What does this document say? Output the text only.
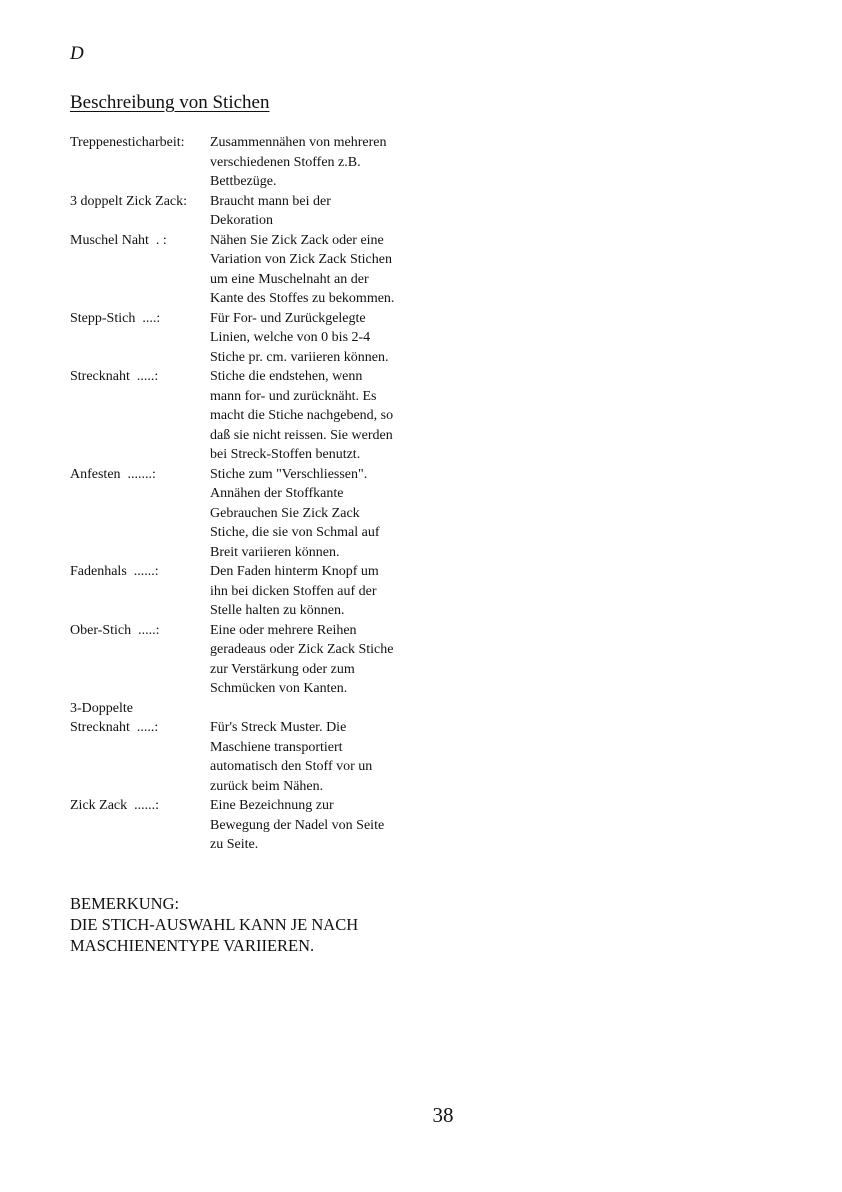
D
Beschreibung von Stichen
Treppenesticharbeit:	Zusammennähen von mehreren
verschiedenen Stoffen z.B.
Bettbezüge.
3 doppelt Zick Zack:	Braucht mann bei der
Dekoration
Muschel Naht  . :	Nähen Sie Zick Zack oder eine
Variation von Zick Zack Stichen
um eine Muschelnaht an der
Kante des Stoffes zu bekommen.
Stepp-Stich  ....:	Für For- und Zurückgelegte
Linien, welche von 0 bis 2-4
Stiche pr. cm. variieren können.
Strecknaht  .....:	Stiche die endstehen, wenn
mann for- und zurücknäht. Es
macht die Stiche nachgebend, so
daß sie nicht reissen. Sie werden
bei Streck-Stoffen benutzt.
Anfesten  .......:	Stiche zum "Verschliessen".
Annähen der Stoffkante
Gebrauchen Sie Zick Zack
Stiche, die sie von Schmal auf
Breit variieren können.
Fadenhals  ......:	Den Faden hinterm Knopf um
ihn bei dicken Stoffen auf der
Stelle halten zu können.
Ober-Stich  .....:	Eine oder mehrere Reihen
geradeaus oder Zick Zack Stiche
zur Verstärkung oder zum
Schmücken von Kanten.
3-Doppelte
Strecknaht  .....:	
Für's Streck Muster. Die
Maschiene transportiert
automatisch den Stoff vor un
zurück beim Nähen.
Zick Zack  ......:	Eine Bezeichnung zur
Bewegung der Nadel von Seite
zu Seite.
BEMERKUNG:
DIE STICH-AUSWAHL KANN JE NACH
MASCHIENENTYPE VARIIEREN.
38
